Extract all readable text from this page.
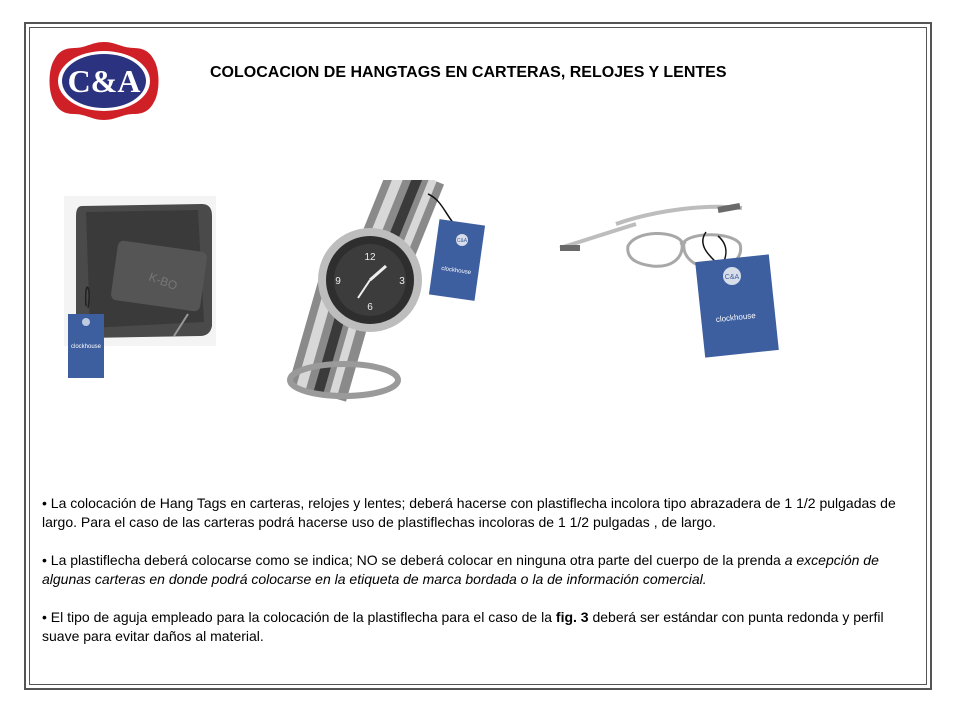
C&A	COLOCACION DE HANGTAGS EN CARTERAS, RELOJES Y LENTES
K-BO
clockhouse
12
3
6
9
C&A
clockhouse
C&A
clockhouse

• La colocación de Hang Tags en carteras, relojes y lentes; deberá hacerse con plastiflecha incolora tipo abrazadera de 1 1/2 pulgadas de largo. Para el caso de las carteras podrá hacerse uso de plastiflechas incoloras de 1 1/2 pulgadas , de largo.

• La plastiflecha deberá colocarse como se indica; NO se deberá colocar en ninguna otra parte del cuerpo de la prenda a excepción de algunas carteras en donde podrá colocarse en la etiqueta de marca bordada o la de información comercial.

• El tipo de aguja empleado para la colocación de la plastiflecha para el caso de la fig. 3 deberá ser estándar con punta redonda y perfil suave para evitar daños al material.
